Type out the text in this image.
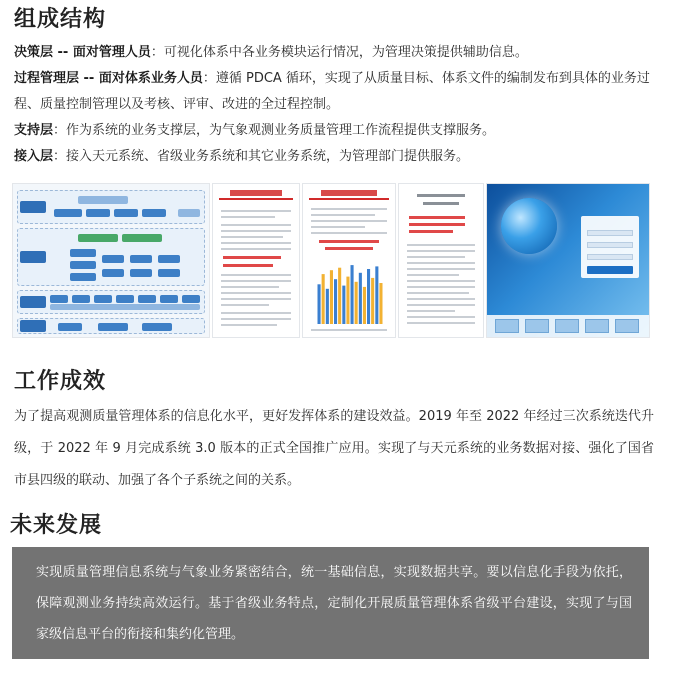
组成结构

决策层 -- 面对管理人员：可视化体系中各业务模块运行情况，为管理决策提供辅助信息。

过程管理层 -- 面对体系业务人员：遵循 PDCA 循环，实现了从质量目标、体系文件的编制发布到具体的业务过程、质量控制管理以及考核、评审、改进的全过程控制。

支持层：作为系统的业务支撑层，为气象观测业务质量管理工作流程提供支撑服务。

接入层：接入天元系统、省级业务系统和其它业务系统，为管理部门提供服务。

工作成效
为了提高观测质量管理体系的信息化水平，更好发挥体系的建设效益。2019 年至 2022 年经过三次系统迭代升级，于 2022 年 9 月完成系统 3.0 版本的正式全国推广应用。实现了与天元系统的业务数据对接、强化了国省市县四级的联动、加强了各个子系统之间的关系。
未来发展
实现质量管理信息系统与气象业务紧密结合，统一基础信息，实现数据共享。要以信息化手段为依托，保障观测业务持续高效运行。基于省级业务特点，定制化开展质量管理体系省级平台建设，实现了与国家级信息平台的衔接和集约化管理。
